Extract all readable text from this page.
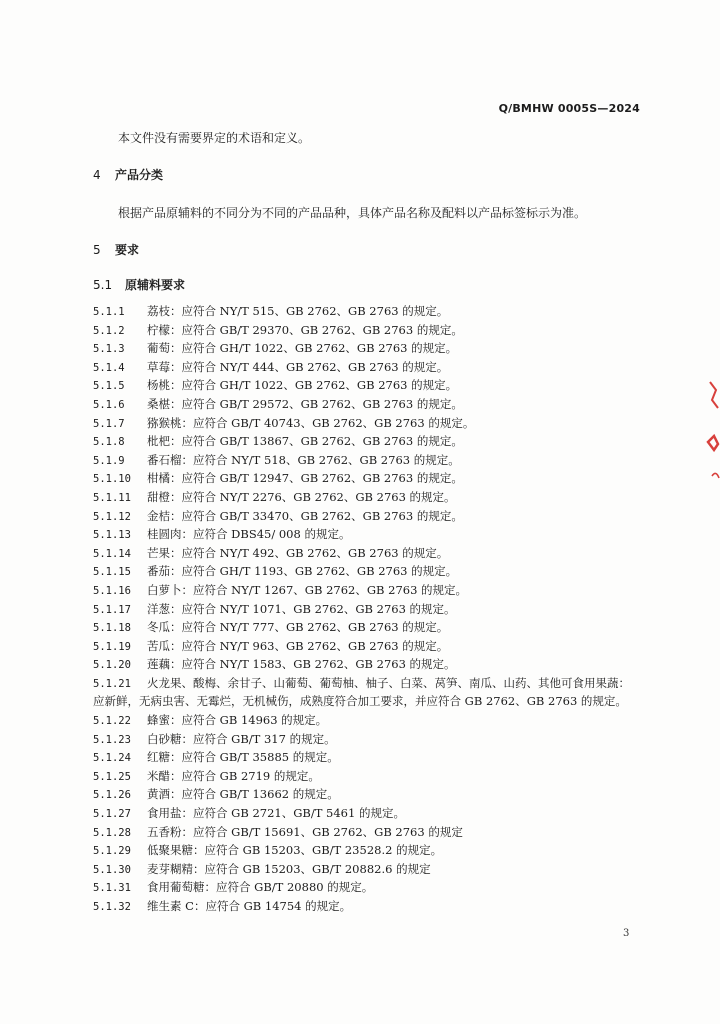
Q/BMHW 0005S—2024
本文件没有需要界定的术语和定义。
4 产品分类
根据产品原辅料的不同分为不同的产品品种，具体产品名称及配料以产品标签标示为准。
5 要求
5.1 原辅料要求
5.1.1 荔枝：应符合 NY/T 515、GB 2762、GB 2763 的规定。
5.1.2 柠檬：应符合 GB/T 29370、GB 2762、GB 2763 的规定。
5.1.3 葡萄：应符合 GH/T 1022、GB 2762、GB 2763 的规定。
5.1.4 草莓：应符合 NY/T 444、GB 2762、GB 2763 的规定。
5.1.5 杨桃：应符合 GH/T 1022、GB 2762、GB 2763 的规定。
5.1.6 桑椹：应符合 GB/T 29572、GB 2762、GB 2763 的规定。
5.1.7 猕猴桃：应符合 GB/T 40743、GB 2762、GB 2763 的规定。
5.1.8 枇杷：应符合 GB/T 13867、GB 2762、GB 2763 的规定。
5.1.9 番石榴：应符合 NY/T 518、GB 2762、GB 2763 的规定。
5.1.10 柑橘：应符合 GB/T 12947、GB 2762、GB 2763 的规定。
5.1.11 甜橙：应符合 NY/T 2276、GB 2762、GB 2763 的规定。
5.1.12 金桔：应符合 GB/T 33470、GB 2762、GB 2763 的规定。
5.1.13 桂圆肉：应符合 DBS45/ 008 的规定。
5.1.14 芒果：应符合 NY/T 492、GB 2762、GB 2763 的规定。
5.1.15 番茄：应符合 GH/T 1193、GB 2762、GB 2763 的规定。
5.1.16 白萝卜：应符合 NY/T 1267、GB 2762、GB 2763 的规定。
5.1.17 洋葱：应符合 NY/T 1071、GB 2762、GB 2763 的规定。
5.1.18 冬瓜：应符合 NY/T 777、GB 2762、GB 2763 的规定。
5.1.19 苦瓜：应符合 NY/T 963、GB 2762、GB 2763 的规定。
5.1.20 莲藕：应符合 NY/T 1583、GB 2762、GB 2763 的规定。
5.1.21 火龙果、酸梅、余甘子、山葡萄、葡萄柚、柚子、白菜、莴笋、南瓜、山药、其他可食用果蔬：
应新鲜，无病虫害、无霉烂，无机械伤，成熟度符合加工要求，并应符合 GB 2762、GB 2763 的规定。
5.1.22 蜂蜜：应符合 GB 14963 的规定。
5.1.23 白砂糖：应符合 GB/T 317 的规定。
5.1.24 红糖：应符合 GB/T 35885 的规定。
5.1.25 米醋：应符合 GB 2719 的规定。
5.1.26 黄酒：应符合 GB/T 13662 的规定。
5.1.27 食用盐：应符合 GB 2721、GB/T 5461 的规定。
5.1.28 五香粉：应符合 GB/T 15691、GB 2762、GB 2763 的规定
5.1.29 低聚果糖：应符合 GB 15203、GB/T 23528.2 的规定。
5.1.30 麦芽糊精：应符合 GB 15203、GB/T 20882.6 的规定
5.1.31 食用葡萄糖：应符合 GB/T 20880 的规定。
5.1.32 维生素 C：应符合 GB 14754 的规定。
3
